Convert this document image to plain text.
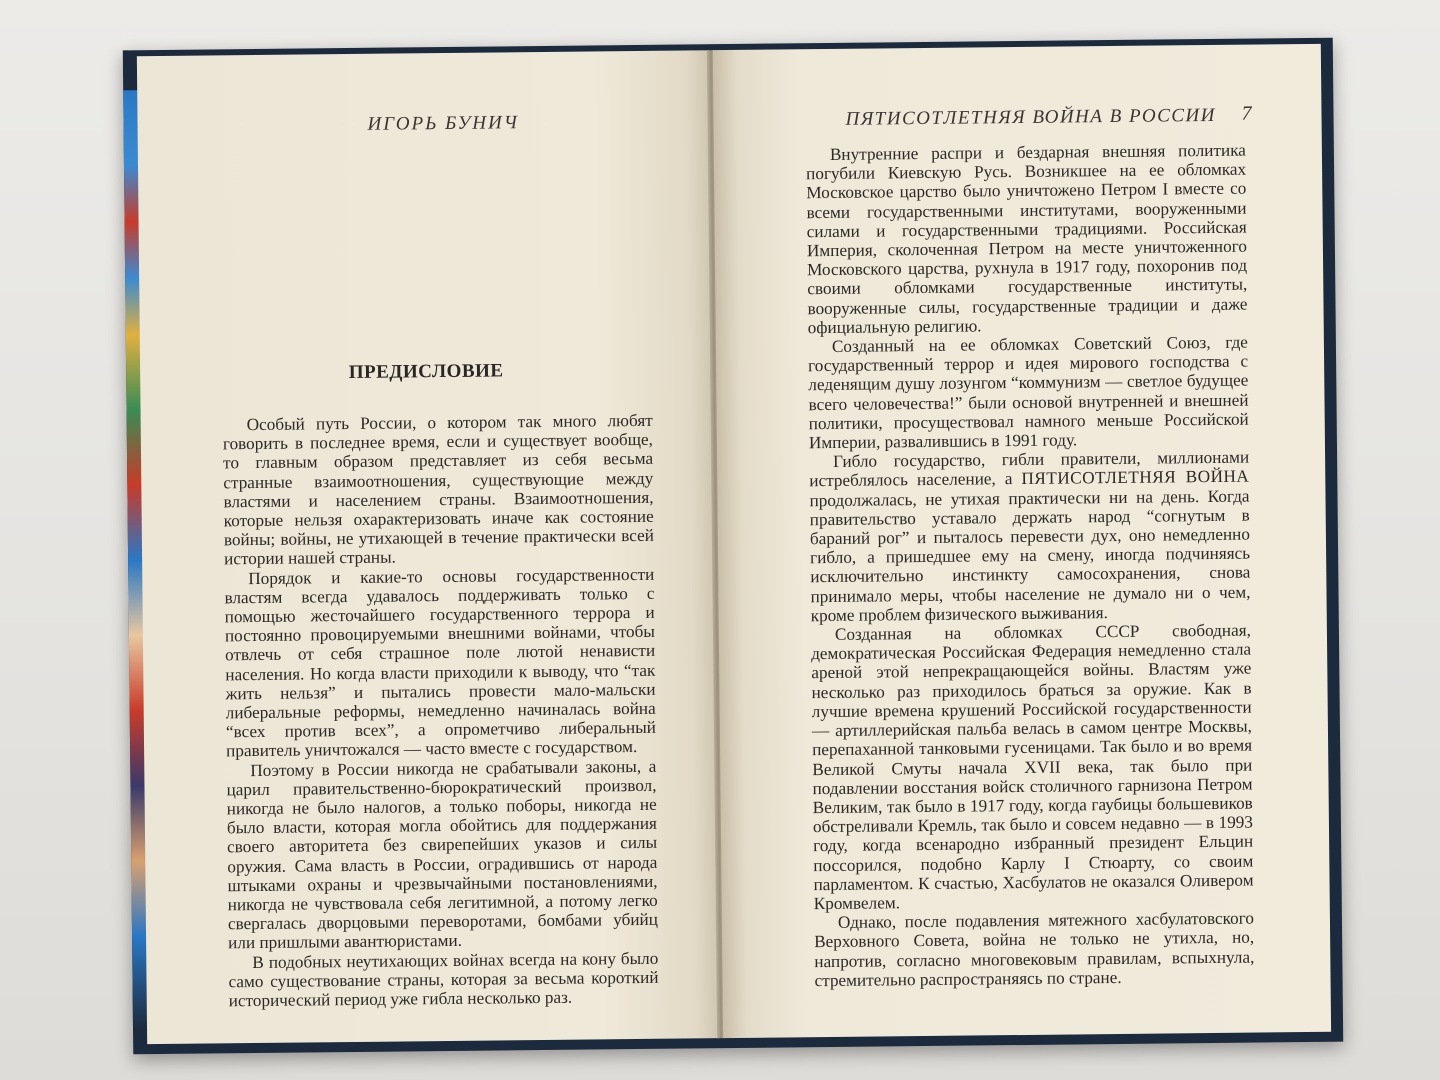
ИГОРЬ БУНИЧ
ПРЕДИСЛОВИЕ

Особый путь России, о котором так много любят говорить в последнее время, если и существует вообще, то главным образом представляет из себя весьма странные взаимоотношения, существующие между властями и населением страны. Взаимоотношения, которые нельзя охарактеризовать иначе как состояние войны; войны, не утихающей в течение практически всей истории нашей страны.

Порядок и какие-то основы государственности властям всегда удавалось поддерживать только с помощью жесточайшего государственного террора и постоянно провоцируемыми внешними войнами, чтобы отвлечь от себя страшное поле лютой ненависти населения. Но когда власти приходили к выводу, что “так жить нельзя” и пытались провести мало-мальски либеральные реформы, немедленно начиналась война “всех против всех”, а опрометчиво либеральный правитель уничтожался — часто вместе с государством.

Поэтому в России никогда не срабатывали законы, а царил правительственно-бюрократический произвол, никогда не было налогов, а только поборы, никогда не было власти, которая могла обойтись для поддержания своего авторитета без свирепейших указов и силы оружия. Сама власть в России, оградившись от народа штыками охраны и чрезвычайными постановлениями, никогда не чувствовала себя легитимной, а потому легко свергалась дворцовыми переворотами, бомбами убийц или пришлыми авантюристами.

В подобных неутихающих войнах всегда на кону было само существование страны, которая за весьма короткий исторический период уже гибла несколько раз.

ПЯТИСОТЛЕТНЯЯ ВОЙНА В РОССИИ 7

Внутренние распри и бездарная внешняя политика погубили Киевскую Русь. Возникшее на ее обломках Московское царство было уничтожено Петром I вместе со всеми государственными институтами, вооруженными силами и государственными традициями. Российская Империя, сколоченная Петром на месте уничтоженного Московского царства, рухнула в 1917 году, похоронив под своими обломками государственные институты, вооруженные силы, государственные традиции и даже официальную религию.

Созданный на ее обломках Советский Союз, где государственный террор и идея мирового господства с леденящим душу лозунгом “коммунизм — светлое будущее всего человечества!” были основой внутренней и внешней политики, просуществовал намного меньше Российской Империи, развалившись в 1991 году.

Гибло государство, гибли правители, миллионами истреблялось население, а ПЯТИСОТЛЕТНЯЯ ВОЙНА продолжалась, не утихая практически ни на день. Когда правительство уставало держать народ “согнутым в бараний рог” и пыталось перевести дух, оно немедленно гибло, а пришедшее ему на смену, иногда подчиняясь исключительно инстинкту самосохранения, снова принимало меры, чтобы население не думало ни о чем, кроме проблем физического выживания.

Созданная на обломках СССР свободная, демократическая Российская Федерация немедленно стала ареной этой непрекращающейся войны. Властям уже несколько раз приходилось браться за оружие. Как в лучшие времена крушений Российской государственности — артиллерийская пальба велась в самом центре Москвы, перепаханной танковыми гусеницами. Так было и во время Великой Смуты начала XVII века, так было при подавлении восстания войск столичного гарнизона Петром Великим, так было в 1917 году, когда гаубицы большевиков обстреливали Кремль, так было и совсем недавно — в 1993 году, когда всенародно избранный президент Ельцин поссорился, подобно Карлу I Стюарту, со своим парламентом. К счастью, Хасбулатов не оказался Оливером Кромвелем.

Однако, после подавления мятежного хасбулатовского Верховного Совета, война не только не утихла, но, напротив, согласно многовековым правилам, вспыхнула, стремительно распространяясь по стране.
